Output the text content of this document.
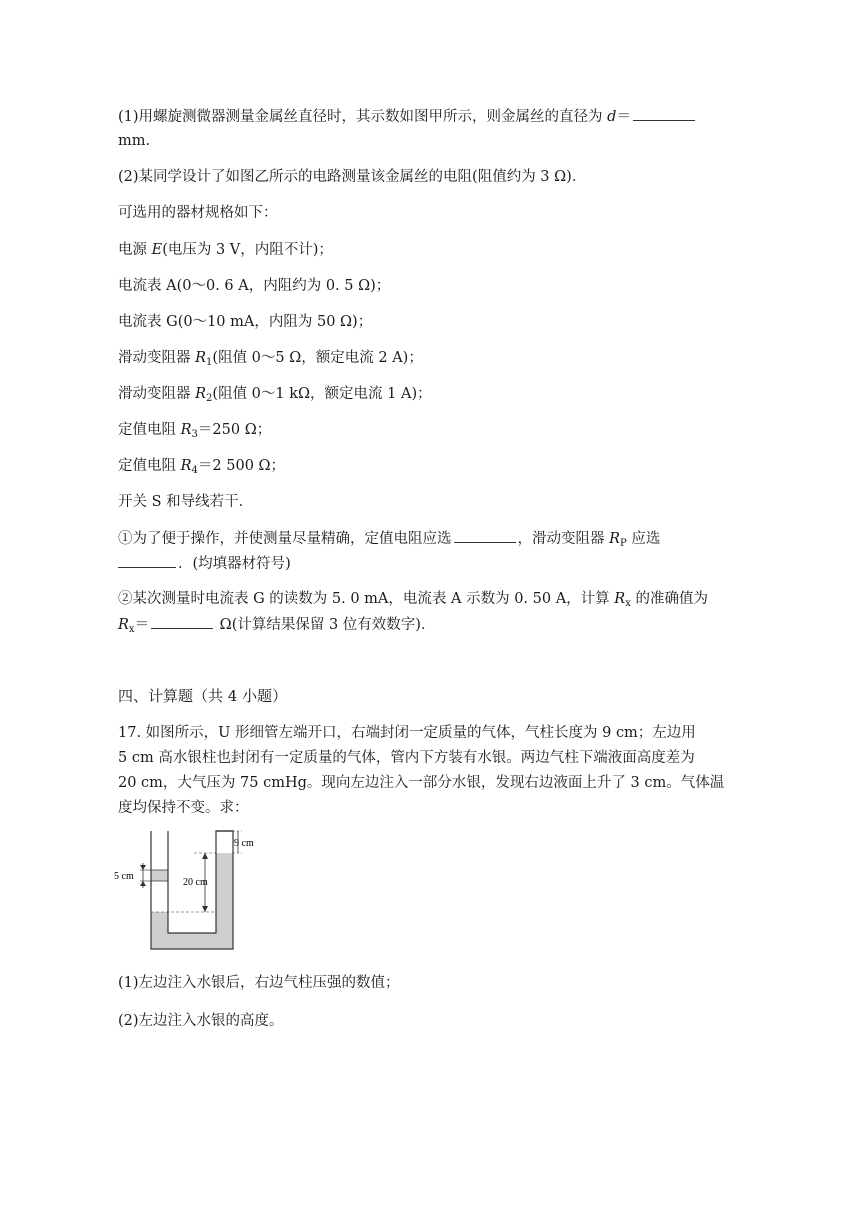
(1)用螺旋测微器测量金属丝直径时，其示数如图甲所示，则金属丝的直径为 d＝
mm.
(2)某同学设计了如图乙所示的电路测量该金属丝的电阻(阻值约为 3 Ω)．
可选用的器材规格如下：
电源 E(电压为 3 V，内阻不计)；
电流表 A(0～0. 6 A，内阻约为 0. 5 Ω)；
电流表 G(0～10 mA，内阻为 50 Ω)；
滑动变阻器 $R_1$(阻值 0～5 Ω，额定电流 2 A)；
滑动变阻器 $R_2$(阻值 0～1 kΩ，额定电流 1 A)；
定值电阻 $R_3=250$ Ω；
定值电阻 $R_4=2$ 500 Ω；
开关 S 和导线若干．
①为了便于操作，并使测量尽量精确，定值电阻应选	，滑动变阻器 $R_P$ 应选
．(均填器材符号)
②某次测量时电流表 G 的读数为 5. 0 mA，电流表 A 示数为 0. 50 A，计算 $R_x$ 的准确值为
$R_x=$	Ω(计算结果保留 3 位有效数字)．
四、计算题（共 4 小题）
17. 如图所示，U 形细管左端开口，右端封闭一定质量的气体，气柱长度为 9 cm；左边用
5 cm 高水银柱也封闭有一定质量的气体，管内下方装有水银。两边气柱下端液面高度差为
20 cm，大气压为 75 cmHg。现向左边注入一部分水银，发现右边液面上升了 3 cm。气体温
度均保持不变。求：
9 cm
5 cm
20 cm
(1)左边注入水银后，右边气柱压强的数值；
(2)左边注入水银的高度。
